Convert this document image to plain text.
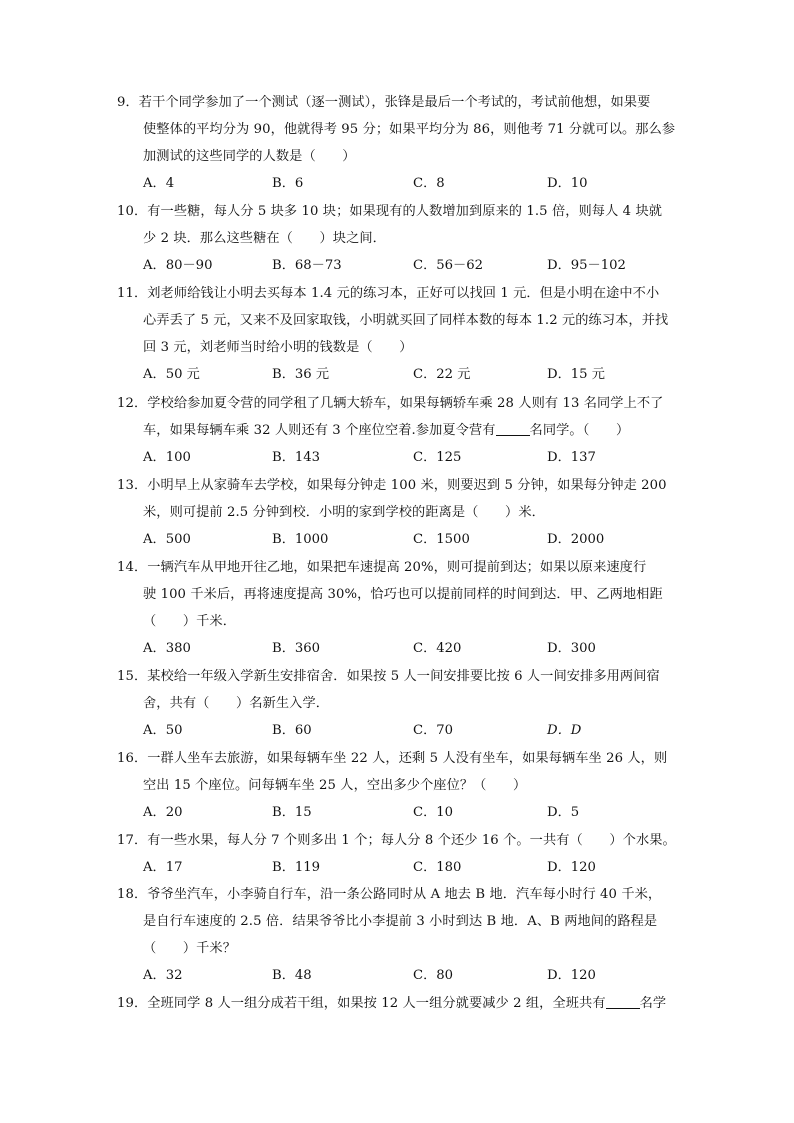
9．若干个同学参加了一个测试（逐一测试），张锋是最后一个考试的，考试前他想，如果要
使整体的平均分为 90，他就得考 95 分；如果平均分为 86，则他考 71 分就可以。那么参
加测试的这些同学的人数是（　　）
A．4	B．6	C．8	D．10
10．有一些糖，每人分 5 块多 10 块；如果现有的人数增加到原来的 1.5 倍，则每人 4 块就
少 2 块．那么这些糖在（　　）块之间．
A．80－90	B．68－73	C．56－62	D．95－102
11．刘老师给钱让小明去买每本 1.4 元的练习本，正好可以找回 1 元．但是小明在途中不小
心弄丢了 5 元，又来不及回家取钱，小明就买回了同样本数的每本 1.2 元的练习本，并找
回 3 元，刘老师当时给小明的钱数是（　　）
A．50 元	B．36 元	C．22 元	D．15 元
12．学校给参加夏令营的同学租了几辆大轿车，如果每辆轿车乘 28 人则有 13 名同学上不了
车，如果每辆车乘 32 人则还有 3 个座位空着.参加夏令营有	名同学。（　　）
A．100	B．143	C．125	D．137
13．小明早上从家骑车去学校，如果每分钟走 100 米，则要迟到 5 分钟，如果每分钟走 200
米，则可提前 2.5 分钟到校．小明的家到学校的距离是（　　）米．
A．500	B．1000	C．1500	D．2000
14．一辆汽车从甲地开往乙地，如果把车速提高 20%，则可提前到达；如果以原来速度行
驶 100 千米后，再将速度提高 30%，恰巧也可以提前同样的时间到达．甲、乙两地相距
（　　）千米．
A．380	B．360	C．420	D．300
15．某校给一年级入学新生安排宿舍．如果按 5 人一间安排要比按 6 人一间安排多用两间宿
舍，共有（　　）名新生入学．
A．50	B．60	C．70	D．D
16．一群人坐车去旅游，如果每辆车坐 22 人，还剩 5 人没有坐车，如果每辆车坐 26 人，则
空出 15 个座位。问每辆车坐 25 人，空出多少个座位？（　　）
A．20	B．15	C．10	D．5
17．有一些水果，每人分 7 个则多出 1 个；每人分 8 个还少 16 个。一共有（　　）个水果。
A．17	B．119	C．180	D．120
18．爷爷坐汽车，小李骑自行车，沿一条公路同时从 A 地去 B 地．汽车每小时行 40 千米，
是自行车速度的 2.5 倍．结果爷爷比小李提前 3 小时到达 B 地．A、B 两地间的路程是
（　　）千米？
A．32	B．48	C．80	D．120
19．全班同学 8 人一组分成若干组，如果按 12 人一组分就要减少 2 组，全班共有	名学
